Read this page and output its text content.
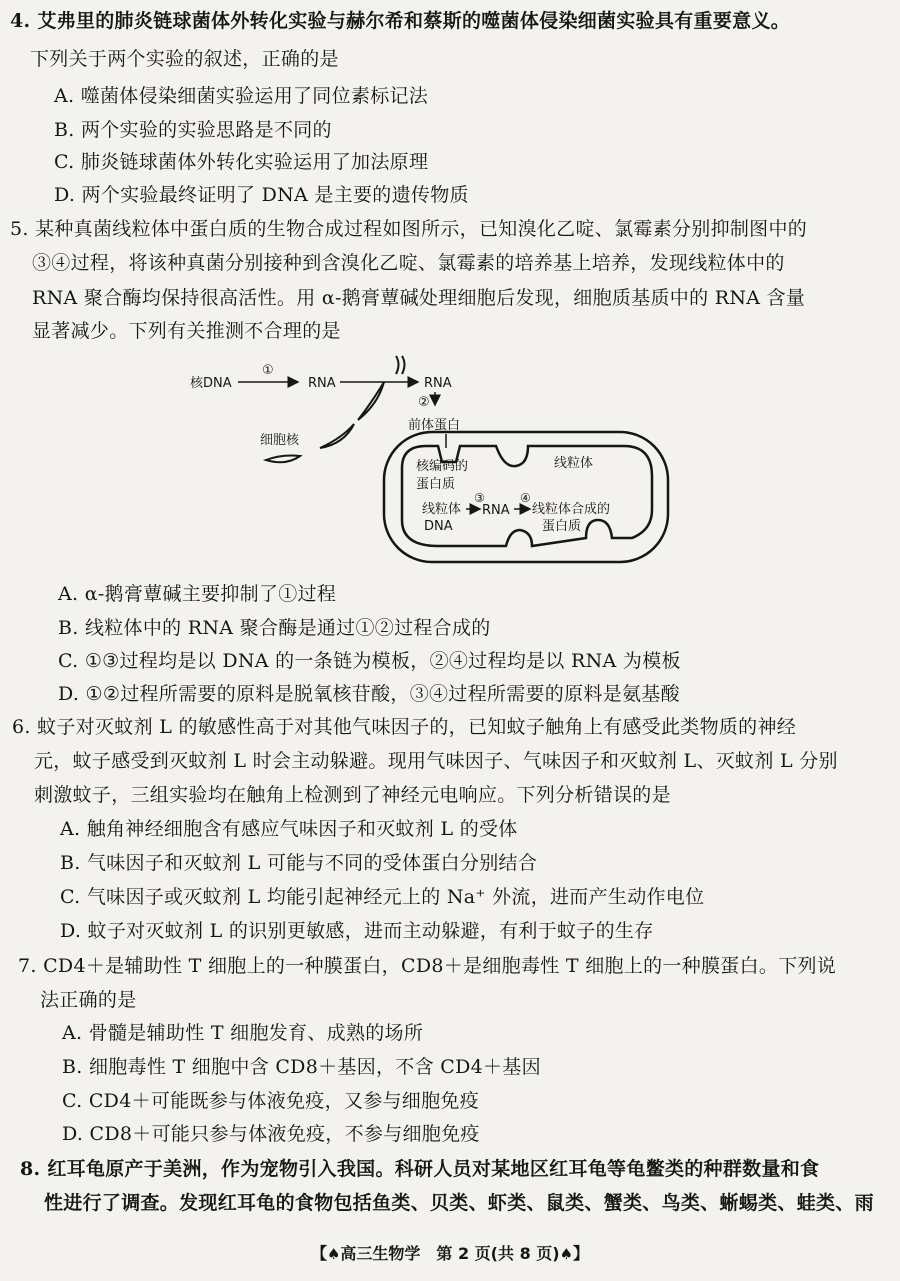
4. 艾弗里的肺炎链球菌体外转化实验与赫尔希和蔡斯的噬菌体侵染细菌实验具有重要意义。
下列关于两个实验的叙述，正确的是
A. 噬菌体侵染细菌实验运用了同位素标记法
B. 两个实验的实验思路是不同的
C. 肺炎链球菌体外转化实验运用了加法原理
D. 两个实验最终证明了 DNA 是主要的遗传物质
5. 某种真菌线粒体中蛋白质的生物合成过程如图所示，已知溴化乙啶、氯霉素分别抑制图中的
③④过程，将该种真菌分别接种到含溴化乙啶、氯霉素的培养基上培养，发现线粒体中的
RNA 聚合酶均保持很高活性。用 α-鹅膏蕈碱处理细胞后发现，细胞质基质中的 RNA 含量
显著减少。下列有关推测不合理的是
核DNA
①
RNA	RNA
②
前体蛋白
细胞核
线粒体
核编码的
蛋白质
线粒体
DNA
③
RNA
④
线粒体合成的
蛋白质
A. α-鹅膏蕈碱主要抑制了①过程
B. 线粒体中的 RNA 聚合酶是通过①②过程合成的
C. ①③过程均是以 DNA 的一条链为模板，②④过程均是以 RNA 为模板
D. ①②过程所需要的原料是脱氧核苷酸，③④过程所需要的原料是氨基酸
6. 蚊子对灭蚊剂 L 的敏感性高于对其他气味因子的，已知蚊子触角上有感受此类物质的神经
元，蚊子感受到灭蚊剂 L 时会主动躲避。现用气味因子、气味因子和灭蚊剂 L、灭蚊剂 L 分别
刺激蚊子，三组实验均在触角上检测到了神经元电响应。下列分析错误的是
A. 触角神经细胞含有感应气味因子和灭蚊剂 L 的受体
B. 气味因子和灭蚊剂 L 可能与不同的受体蛋白分别结合
C. 气味因子或灭蚊剂 L 均能引起神经元上的 Na⁺ 外流，进而产生动作电位
D. 蚊子对灭蚊剂 L 的识别更敏感，进而主动躲避，有利于蚊子的生存
7. CD4＋是辅助性 T 细胞上的一种膜蛋白，CD8＋是细胞毒性 T 细胞上的一种膜蛋白。下列说
法正确的是
A. 骨髓是辅助性 T 细胞发育、成熟的场所
B. 细胞毒性 T 细胞中含 CD8＋基因，不含 CD4＋基因
C. CD4＋可能既参与体液免疫，又参与细胞免疫
D. CD8＋可能只参与体液免疫，不参与细胞免疫
8. 红耳龟原产于美洲，作为宠物引入我国。科研人员对某地区红耳龟等龟鳖类的种群数量和食
性进行了调查。发现红耳龟的食物包括鱼类、贝类、虾类、鼠类、蟹类、鸟类、蜥蜴类、蛙类、雨
【♠高三生物学　第 2 页(共 8 页)♠】
